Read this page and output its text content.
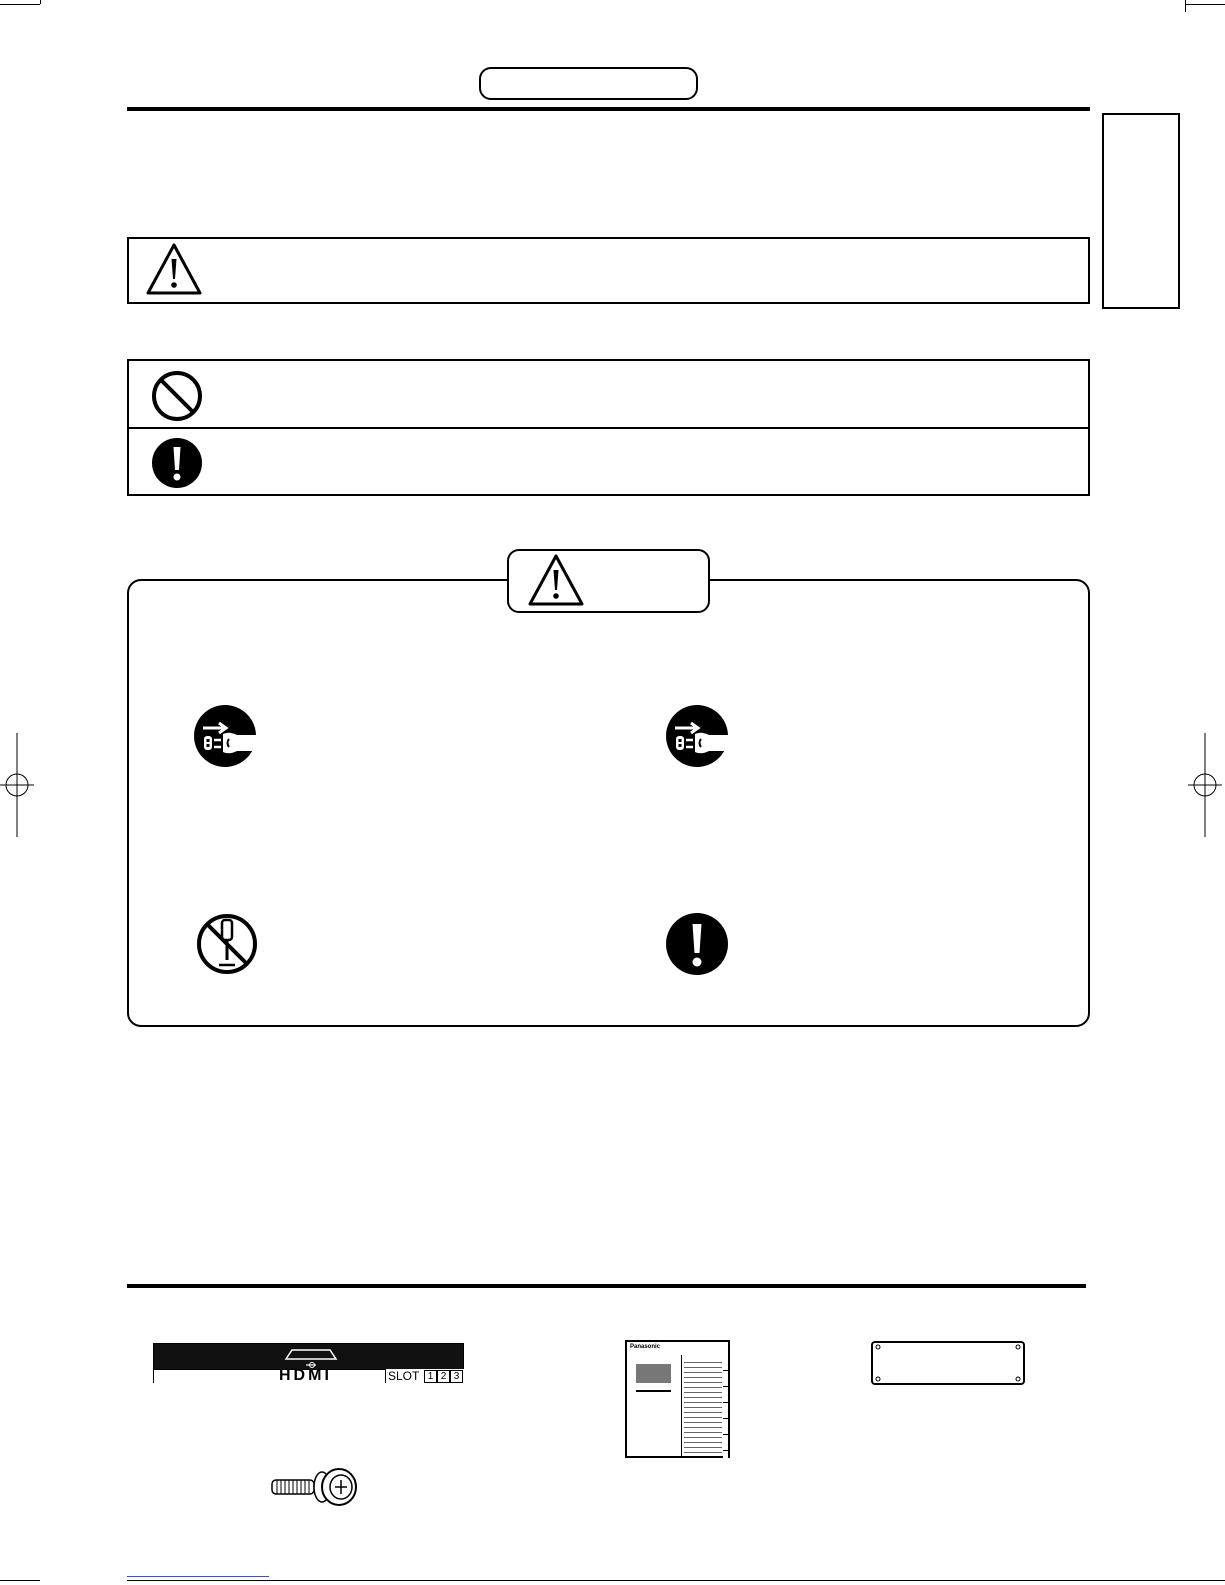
HDMI	SLOT 1 2 3
Panasonic
